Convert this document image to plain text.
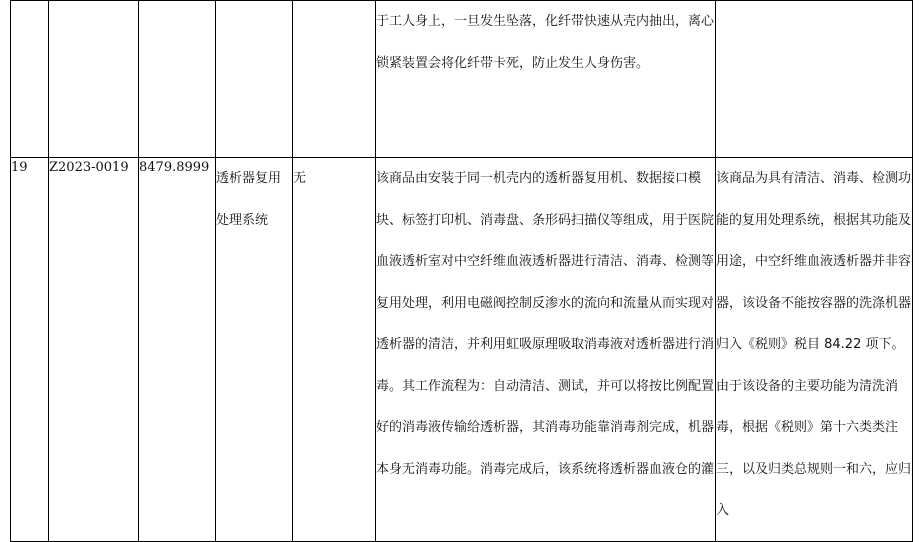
					于工人身上，一旦发生坠落，化纤带快速从壳内抽出，离心锁紧装置会将化纤带卡死，防止发生人身伤害。	

19	Z2023-0019	8479.8999	透析器复用处理系统	无	该商品由安装于同一机壳内的透析器复用机、数据接口模块、标签打印机、消毒盘、条形码扫描仪等组成，用于医院血液透析室对中空纤维血液透析器进行清洁、消毒、检测等复用处理，利用电磁阀控制反渗水的流向和流量从而实现对透析器的清洁，并利用虹吸原理吸取消毒液对透析器进行消毒。其工作流程为：自动清洁、测试，并可以将按比例配置好的消毒液传输给透析器，其消毒功能靠消毒剂完成，机器本身无消毒功能。消毒完成后，该系统将透析器血液仓的灌	该商品为具有清洁、消毒、检测功能的复用处理系统，根据其功能及用途，中空纤维血液透析器并非容器，该设备不能按容器的洗涤机器归入《税则》税目 84.22 项下。由于该设备的主要功能为清洗消毒，根据《税则》第十六类类注三，以及归类总规则一和六，应归入
